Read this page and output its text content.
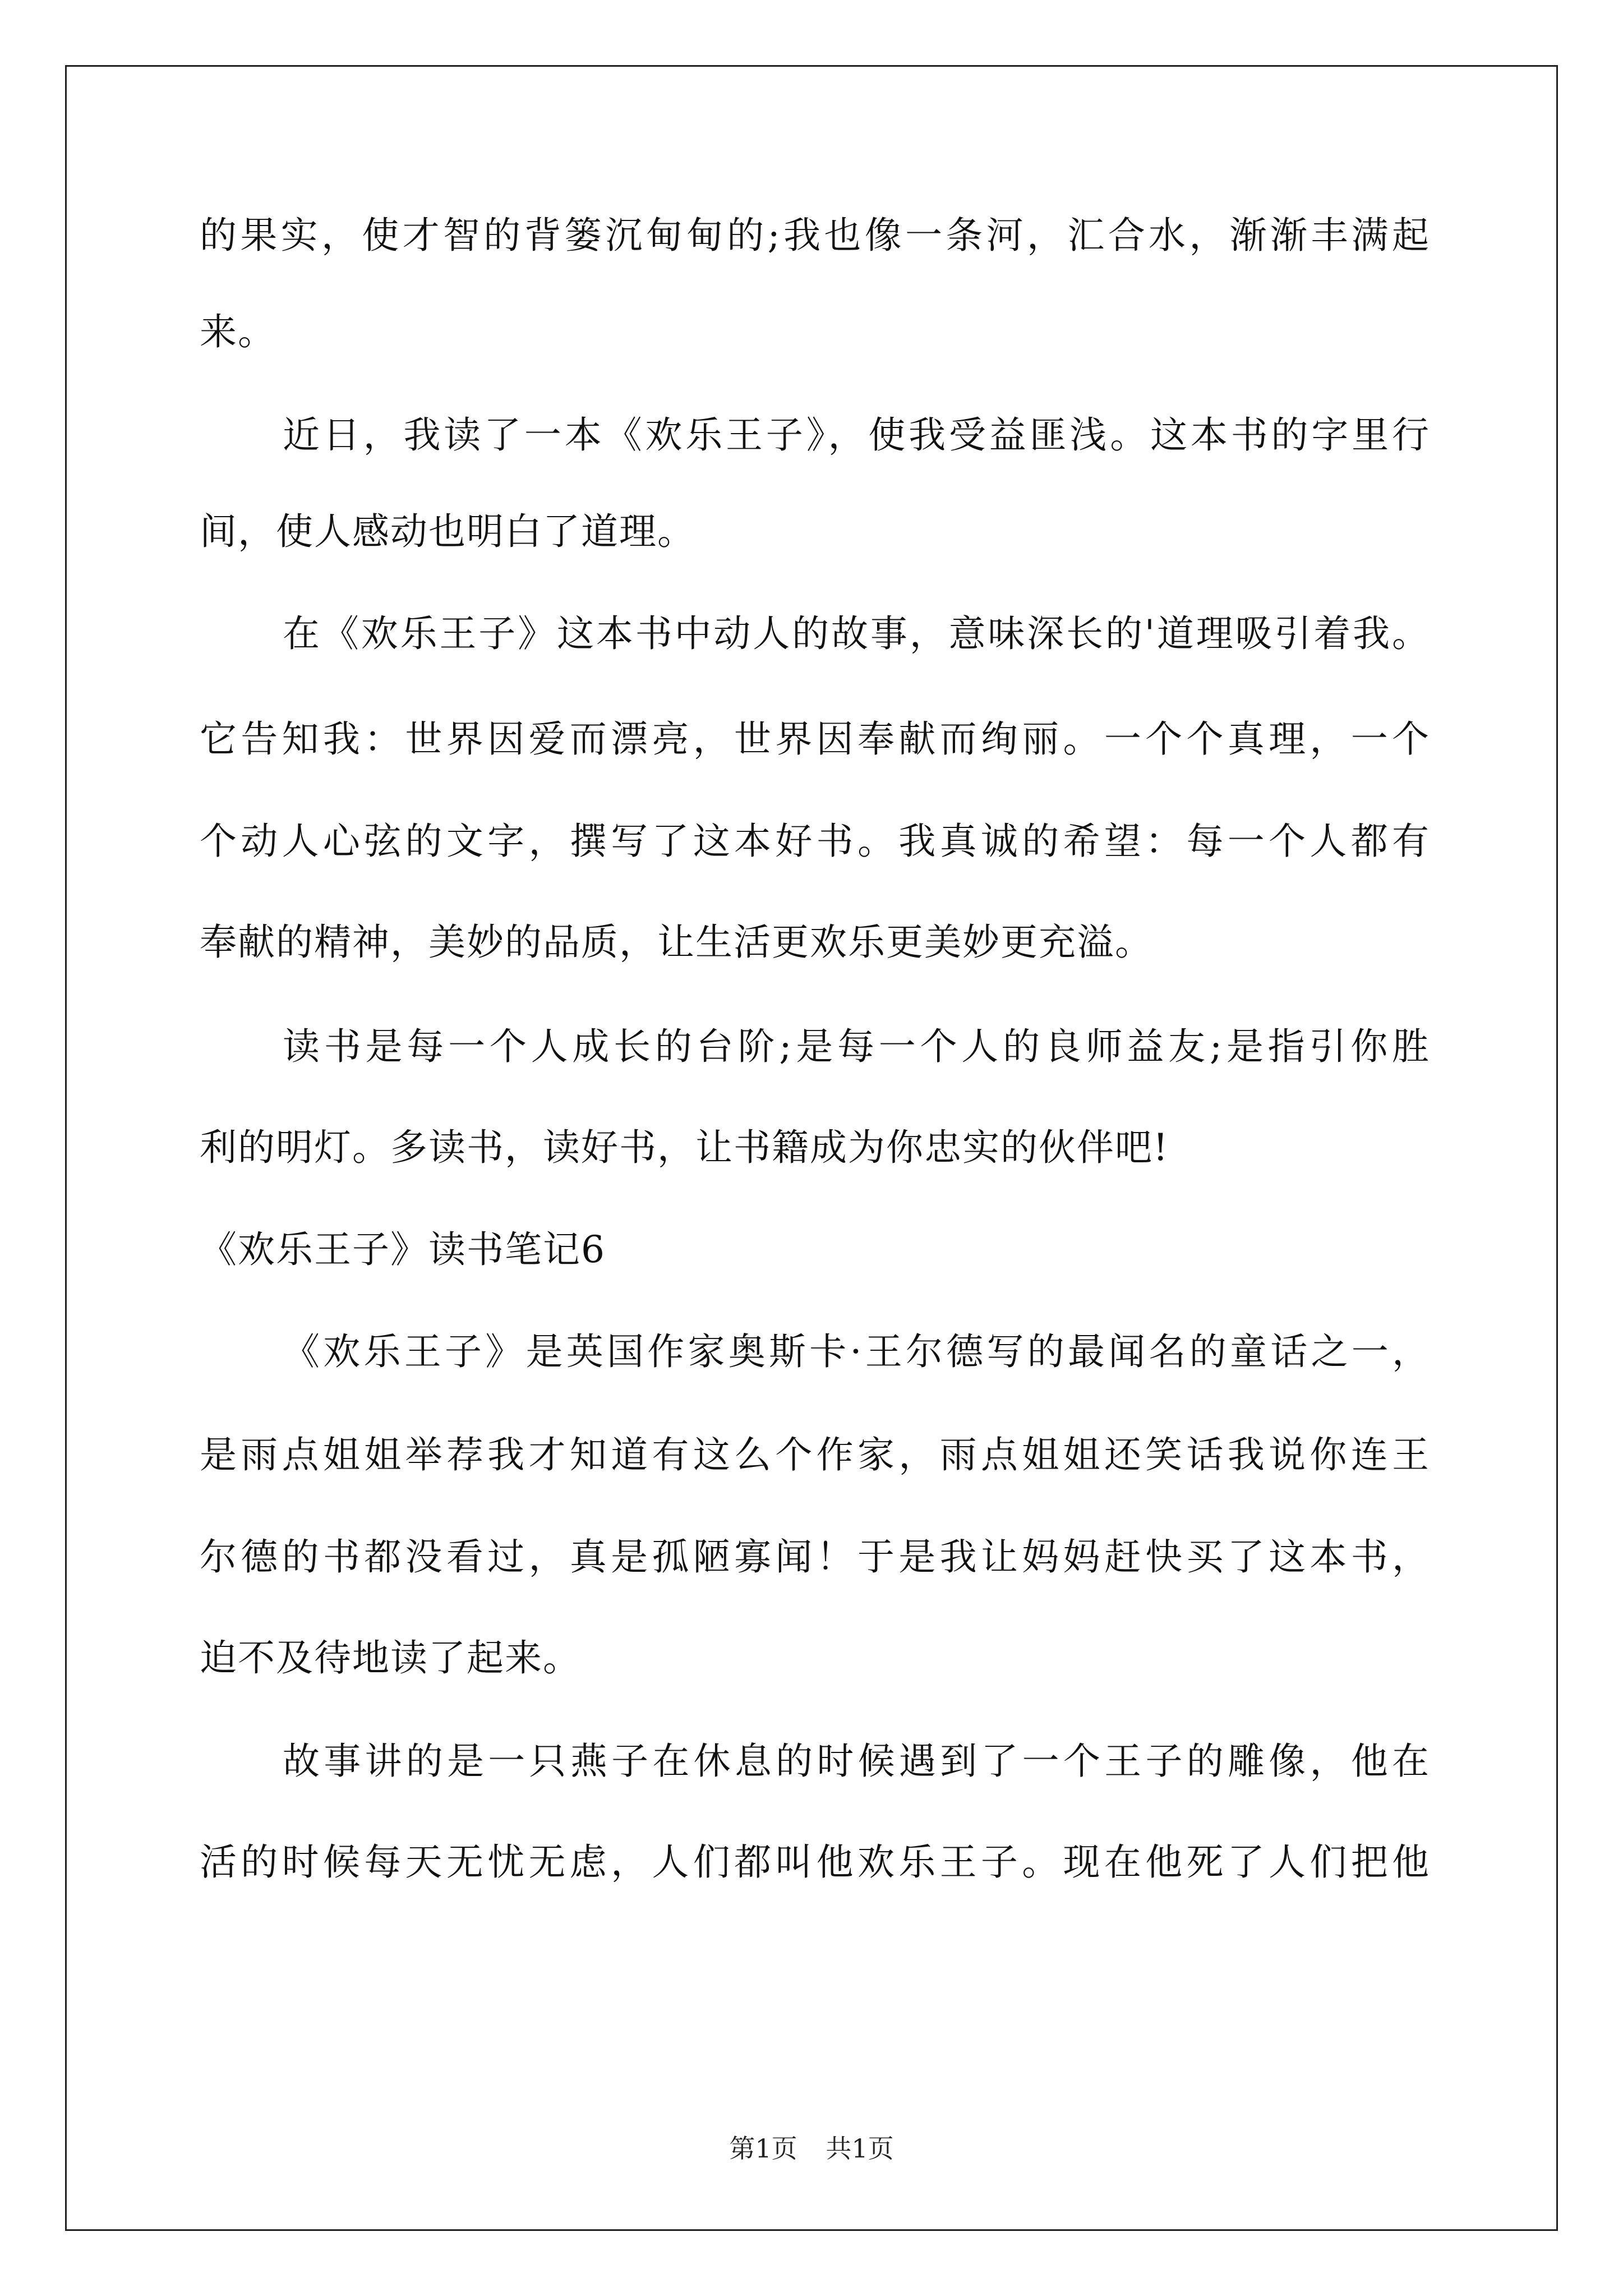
的果实，使才智的背篓沉甸甸的;我也像一条河，汇合水，渐渐丰满起
来。
近日，我读了一本《欢乐王子》，使我受益匪浅。这本书的字里行
间，使人感动也明白了道理。
在《欢乐王子》这本书中动人的故事，意味深长的'道理吸引着我。
它告知我：世界因爱而漂亮，世界因奉献而绚丽。一个个真理，一个
个动人心弦的文字，撰写了这本好书。我真诚的希望：每一个人都有
奉献的精神，美妙的品质，让生活更欢乐更美妙更充溢。
读书是每一个人成长的台阶;是每一个人的良师益友;是指引你胜
利的明灯。多读书，读好书，让书籍成为你忠实的伙伴吧!
《欢乐王子》读书笔记6
《欢乐王子》是英国作家奥斯卡·王尔德写的最闻名的童话之一，
是雨点姐姐举荐我才知道有这么个作家，雨点姐姐还笑话我说你连王
尔德的书都没看过，真是孤陋寡闻！于是我让妈妈赶快买了这本书，
迫不及待地读了起来。
故事讲的是一只燕子在休息的时候遇到了一个王子的雕像，他在
活的时候每天无忧无虑，人们都叫他欢乐王子。现在他死了人们把他
第1页 共1页
